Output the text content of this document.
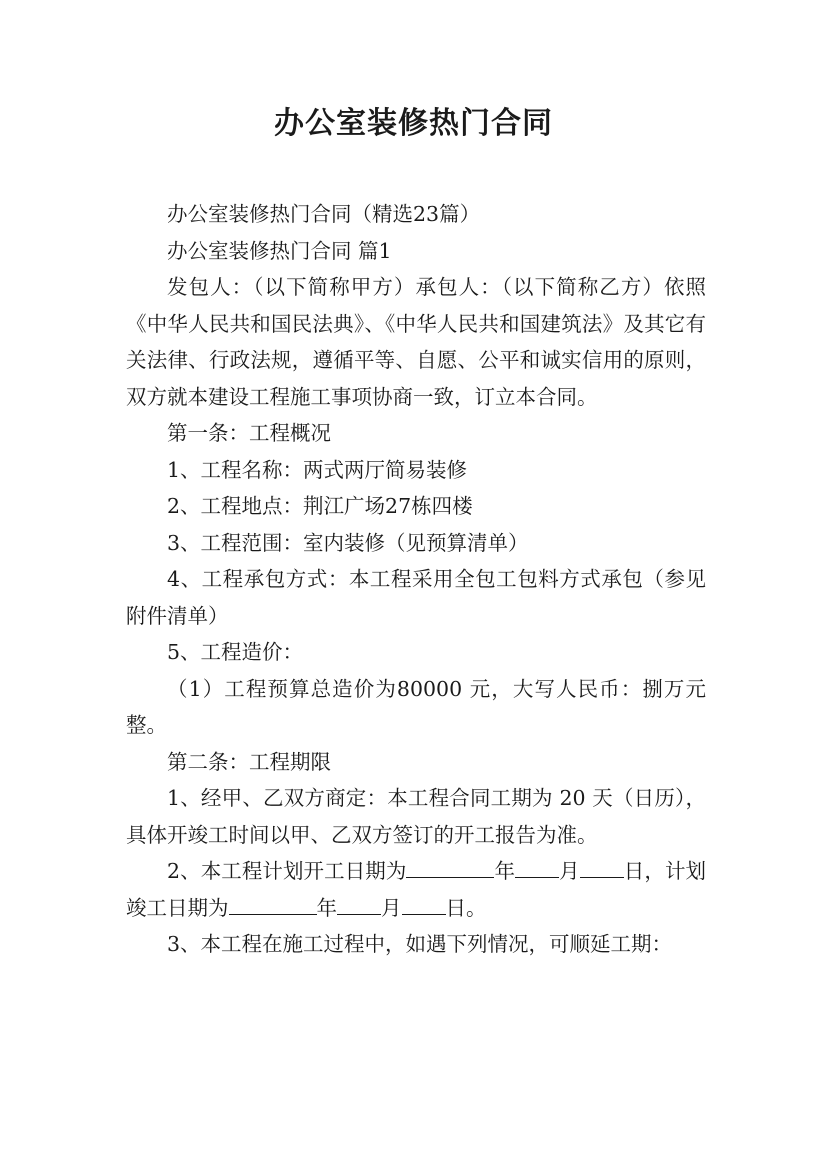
办公室装修热门合同

办公室装修热门合同（精选23篇）

办公室装修热门合同 篇1

发包人：（以下简称甲方）承包人：（以下简称乙方）依照《中华人民共和国民法典》、《中华人民共和国建筑法》及其它有关法律、行政法规，遵循平等、自愿、公平和诚实信用的原则，双方就本建设工程施工事项协商一致，订立本合同。

第一条：工程概况

1、工程名称：两式两厅简易装修

2、工程地点：荆江广场27栋四楼

3、工程范围：室内装修（见预算清单）

4、工程承包方式：本工程采用全包工包料方式承包（参见附件清单）

5、工程造价：

（1）工程预算总造价为80000 元，大写人民币：捌万元整。

第二条：工程期限

1、经甲、乙双方商定：本工程合同工期为 20 天（日历），具体开竣工时间以甲、乙双方签订的开工报告为准。

2、本工程计划开工日期为	年 月 日，计划竣工日期为	年 月 日。

3、本工程在施工过程中，如遇下列情况，可顺延工期：
